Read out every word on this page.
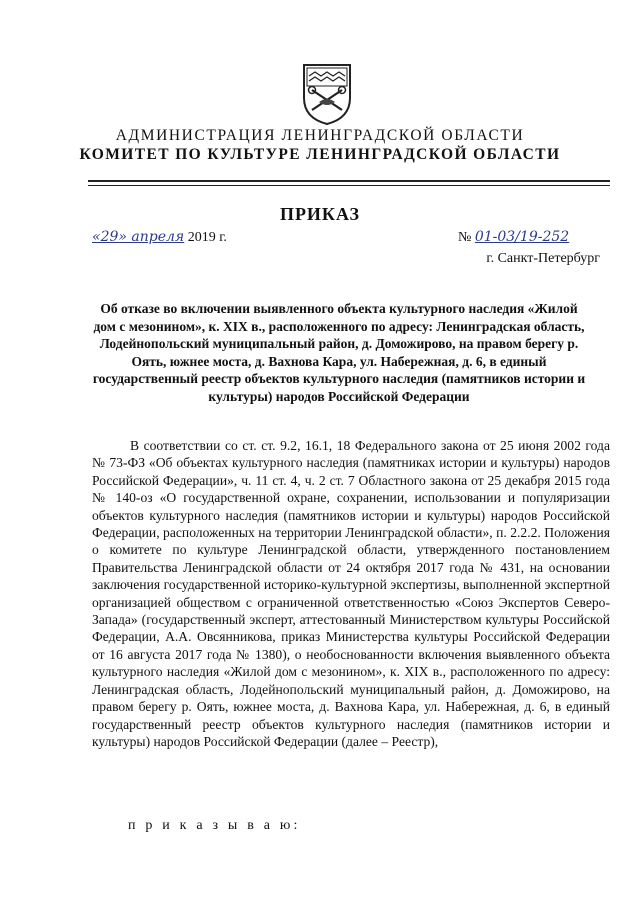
АДМИНИСТРАЦИЯ ЛЕНИНГРАДСКОЙ ОБЛАСТИ
КОМИТЕТ ПО КУЛЬТУРЕ ЛЕНИНГРАДСКОЙ ОБЛАСТИ
ПРИКАЗ
«29» апреля 2019 г.	№ 01-03/19-252
г. Санкт-Петербург
Об отказе во включении выявленного объекта культурного наследия «Жилой дом с мезонином», к. XIX в., расположенного по адресу: Ленинградская область, Лодейнопольский муниципальный район, д. Доможирово, на правом берегу р. Оять, южнее моста, д. Вахнова Кара, ул. Набережная, д. 6, в единый государственный реестр объектов культурного наследия (памятников истории и культуры) народов Российской Федерации

В соответствии со ст. ст. 9.2, 16.1, 18 Федерального закона от 25 июня 2002 года № 73-ФЗ «Об объектах культурного наследия (памятниках истории и культуры) народов Российской Федерации», ч. 11 ст. 4, ч. 2 ст. 7 Областного закона от 25 декабря 2015 года № 140-оз «О государственной охране, сохранении, использовании и популяризации объектов культурного наследия (памятников истории и культуры) народов Российской Федерации, расположенных на территории Ленинградской области», п. 2.2.2. Положения о комитете по культуре Ленинградской области, утвержденного постановлением Правительства Ленинградской области от 24 октября 2017 года № 431, на основании заключения государственной историко-культурной экспертизы, выполненной экспертной организацией обществом с ограниченной ответственностью «Союз Экспертов Северо-Запада» (государственный эксперт, аттестованный Министерством культуры Российской Федерации, А.А. Овсянникова, приказ Министерства культуры Российской Федерации от 16 августа 2017 года № 1380), о необоснованности включения выявленного объекта культурного наследия «Жилой дом с мезонином», к. XIX в., расположенного по адресу: Ленинградская область, Лодейнопольский муниципальный район, д. Доможирово, на правом берегу р. Оять, южнее моста, д. Вахнова Кара, ул. Набережная, д. 6, в единый государственный реестр объектов культурного наследия (памятников истории и культуры) народов Российской Федерации (далее – Реестр),

п р и к а з ы в а ю:
